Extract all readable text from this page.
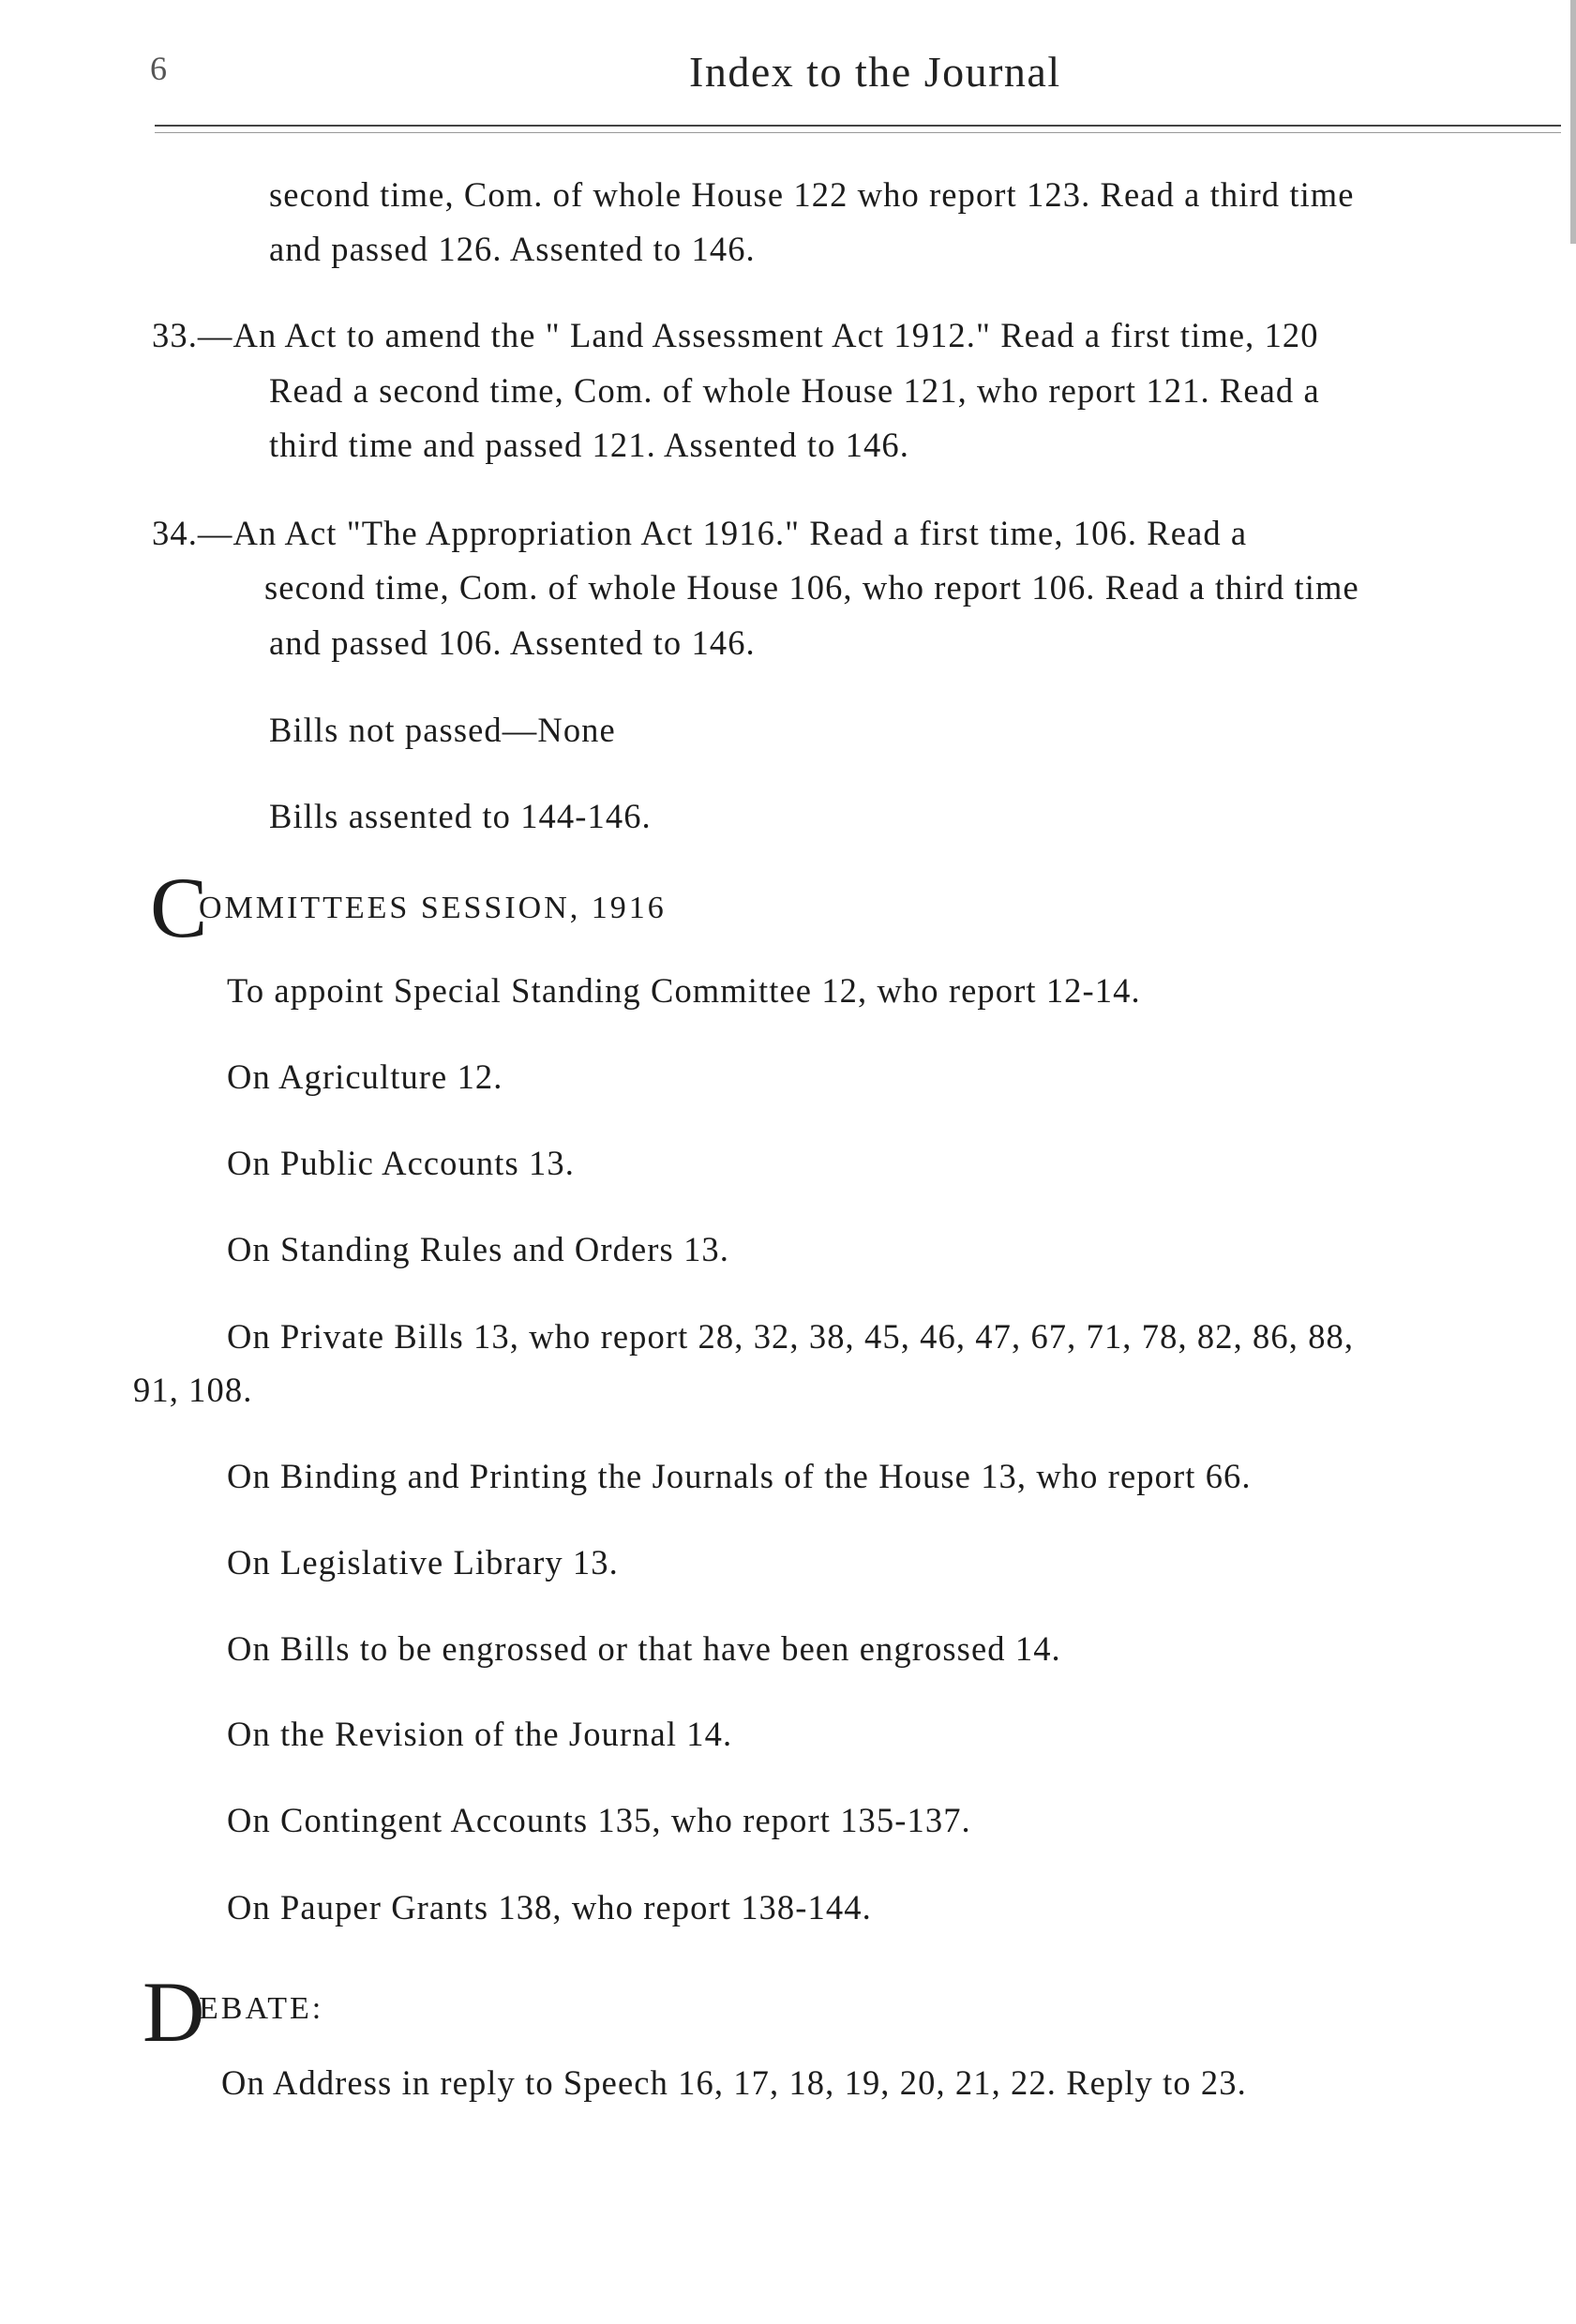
6	Index to the Journal
second time, Com. of whole House 122 who report 123. Read a third time
and passed 126. Assented to 146.
33.—An Act to amend the " Land Assessment Act 1912." Read a first time, 120
Read a second time, Com. of whole House 121, who report 121. Read a
third time and passed 121. Assented to 146.
34.—An Act "The Appropriation Act 1916." Read a first time, 106. Read a
second time, Com. of whole House 106, who report 106. Read a third time
and passed 106. Assented to 146.
Bills not passed—None
Bills assented to 144-146.
C
OMMITTEES SESSION, 1916
To appoint Special Standing Committee 12, who report 12-14.
On Agriculture 12.
On Public Accounts 13.
On Standing Rules and Orders 13.
On Private Bills 13, who report 28, 32, 38, 45, 46, 47, 67, 71, 78, 82, 86, 88,
91, 108.
On Binding and Printing the Journals of the House 13, who report 66.
On Legislative Library 13.
On Bills to be engrossed or that have been engrossed 14.
On the Revision of the Journal 14.
On Contingent Accounts 135, who report 135-137.
On Pauper Grants 138, who report 138-144.
D
EBATE:
On Address in reply to Speech 16, 17, 18, 19, 20, 21, 22. Reply to 23.
